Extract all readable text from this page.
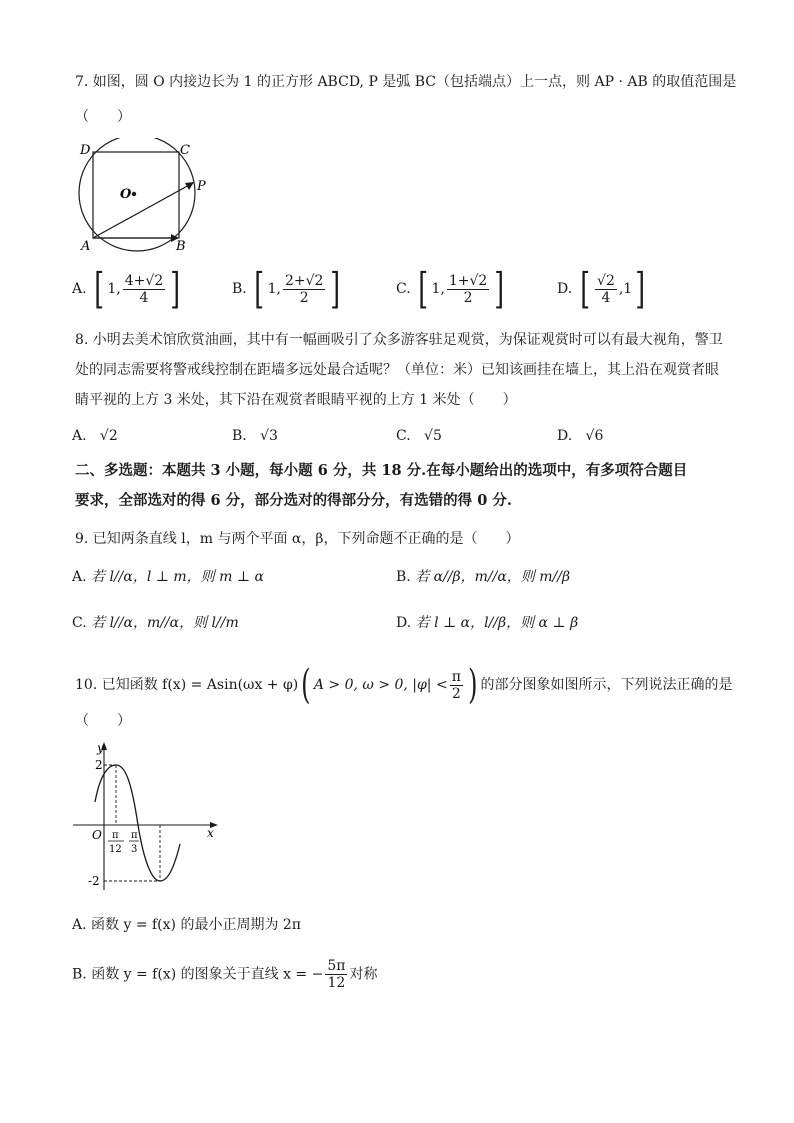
7. 如图，圆 O 内接边长为 1 的正方形 ABCD, P 是弧 BC（包括端点）上一点，则 AP · AB 的取值范围是
（　　）
D	C
O
P
A	B
A. [ 1, $\frac{4+√2}{4}$ ]	B. [ 1, $\frac{2+√2}{2}$ ]	C. [ 1, $\frac{1+√2}{2}$ ]	D. [ $\frac{√2}{4} ,1$]
8. 小明去美术馆欣赏油画，其中有一幅画吸引了众多游客驻足观赏，为保证观赏时可以有最大视角，警卫
处的同志需要将警戒线控制在距墙多远处最合适呢？（单位：米）已知该画挂在墙上，其上沿在观赏者眼
睛平视的上方 3 米处，其下沿在观赏者眼睛平视的上方 1 米处（　　）
A. √2	B. √3	C. √5	D. √6
二、多选题：本题共 3 小题，每小题 6 分，共 18 分.在每小题给出的选项中，有多项符合题目
要求，全部选对的得 6 分，部分选对的得部分分，有选错的得 0 分.
9. 已知两条直线 l，m 与两个平面 α，β，下列命题不正确的是（　　）
A. 若 l//α，l ⊥ m，则 m ⊥ α	B. 若 α//β，m//α，则 m//β
C. 若 l//α，m//α，则 l//m	D. 若 l ⊥ α，l//β，则 α ⊥ β
10. 已知函数 f(x) = Asin(ωx + φ)( A > 0, ω > 0, $|\varphi| < \frac{\pi}{2}$ ) 的部分图象如图所示，下列说法正确的是
（　　）
y
x
O
2
-2
π
12
π
3
A. 函数 y = f(x) 的最小正周期为 2π
B. 函数 y = f(x) 的图象关于直线 x = − $\frac{5\pi}{12}$ 对称
